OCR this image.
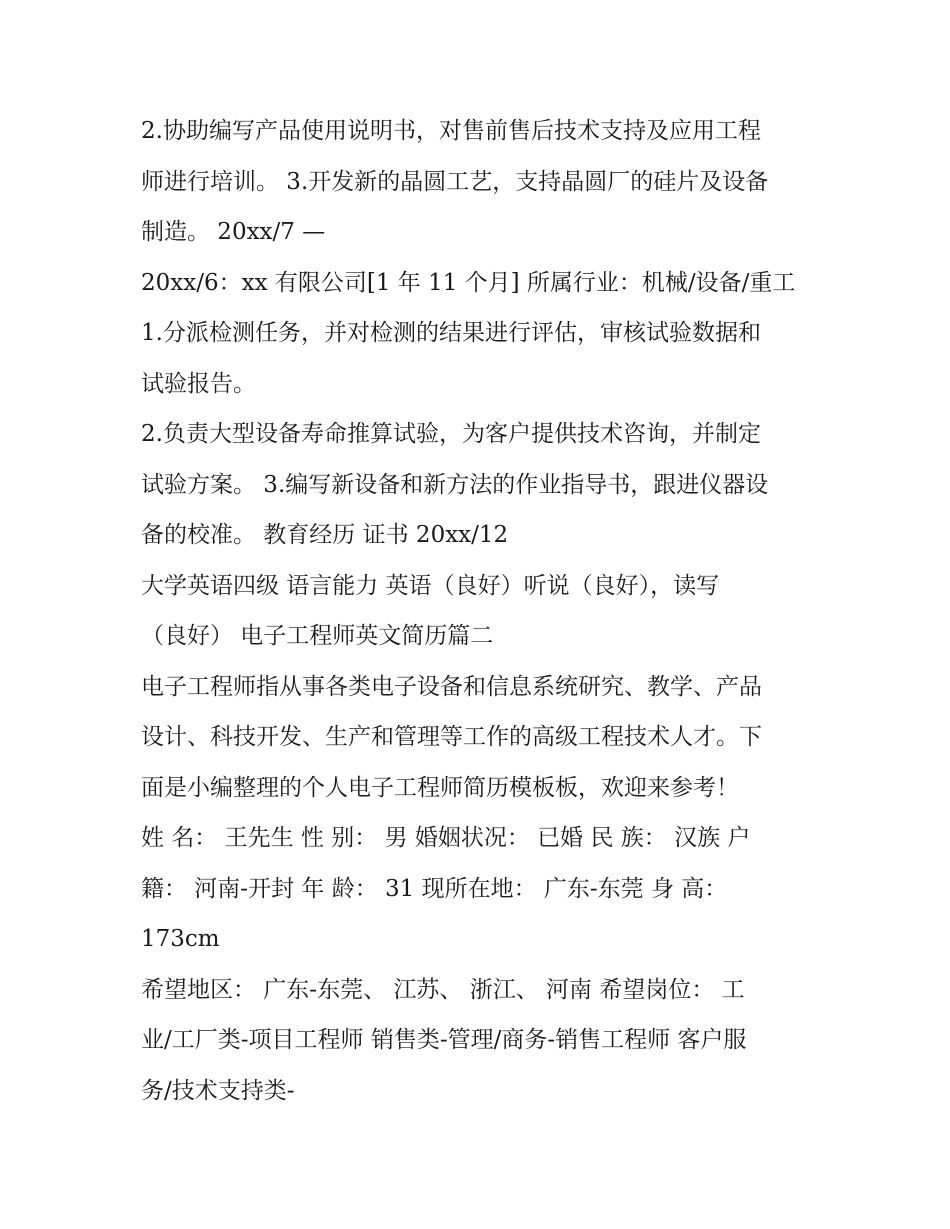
2.协助编写产品使用说明书，对售前售后技术支持及应用工程
师进行培训。 3.开发新的晶圆工艺，支持晶圆厂的硅片及设备
制造。 20xx/7 —
20xx/6：xx 有限公司[1 年 11 个月] 所属行业：机械/设备/重工
1.分派检测任务，并对检测的结果进行评估，审核试验数据和
试验报告。
2.负责大型设备寿命推算试验，为客户提供技术咨询，并制定
试验方案。 3.编写新设备和新方法的作业指导书，跟进仪器设
备的校准。 教育经历 证书 20xx/12
大学英语四级 语言能力 英语（良好）听说（良好），读写
（良好） 电子工程师英文简历篇二
电子工程师指从事各类电子设备和信息系统研究、教学、产品
设计、科技开发、生产和管理等工作的高级工程技术人才。下
面是小编整理的个人电子工程师简历模板板，欢迎来参考！
姓 名： 王先生 性 别： 男 婚姻状况： 已婚 民 族： 汉族 户
籍： 河南-开封 年 龄： 31 现所在地： 广东-东莞 身 高：
173cm
希望地区： 广东-东莞、 江苏、 浙江、 河南 希望岗位： 工
业/工厂类-项目工程师 销售类-管理/商务-销售工程师 客户服
务/技术支持类-
